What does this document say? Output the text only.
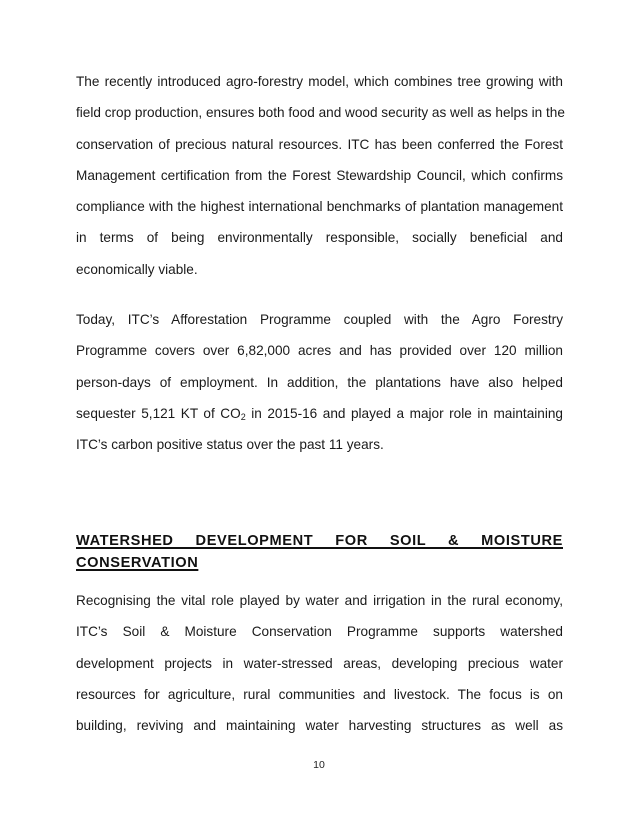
The recently introduced agro-forestry model, which combines tree growing with
field crop production, ensures both food and wood security as well as helps in the
conservation of precious natural resources. ITC has been conferred the Forest
Management certification from the Forest Stewardship Council, which confirms
compliance with the highest international benchmarks of plantation management
in terms of being environmentally responsible, socially beneficial and
economically viable.

Today, ITC’s Afforestation Programme coupled with the Agro Forestry
Programme covers over 6,82,000 acres and has provided over 120 million
person-days of employment. In addition, the plantations have also helped
sequester 5,121 KT of $CO_2$ in 2015-16 and played a major role in maintaining
ITC’s carbon positive status over the past 11 years.

WATERSHED DEVELOPMENT FOR SOIL & MOISTURE
CONSERVATION

Recognising the vital role played by water and irrigation in the rural economy,
ITC’s Soil & Moisture Conservation Programme supports watershed
development projects in water-stressed areas, developing precious water
resources for agriculture, rural communities and livestock. The focus is on
building, reviving and maintaining water harvesting structures as well as

10
